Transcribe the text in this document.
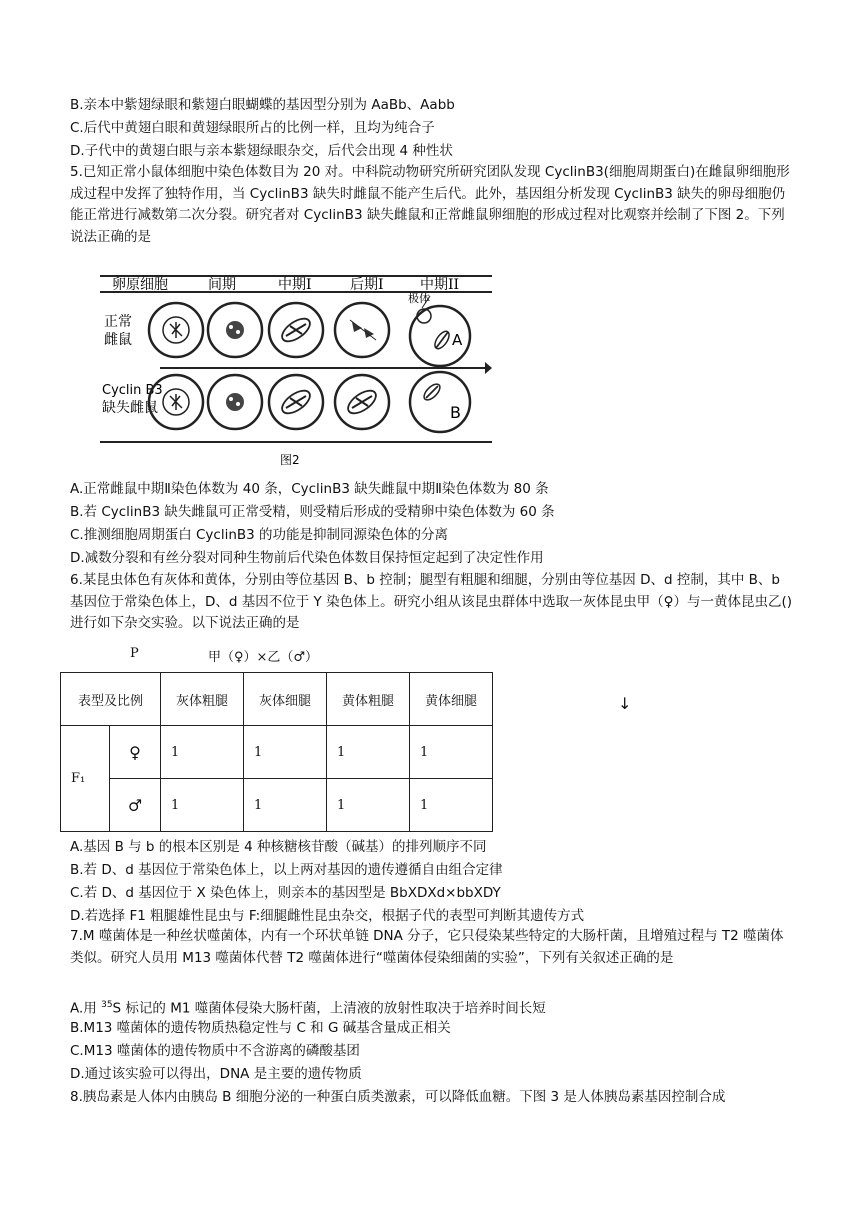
B.亲本中紫翅绿眼和紫翅白眼蝴蝶的基因型分别为 AaBb、Aabb
C.后代中黄翅白眼和黄翅绿眼所占的比例一样，且均为纯合子
D.子代中的黄翅白眼与亲本紫翅绿眼杂交，后代会出现 4 种性状

5.已知正常小鼠体细胞中染色体数目为 20 对。中科院动物研究所研究团队发现 CyclinB3(细胞周期蛋白)在雌鼠卵细胞形成过程中发挥了独特作用，当 CyclinB3 缺失时雌鼠不能产生后代。此外，基因组分析发现 CyclinB3 缺失的卵母细胞仍能正常进行减数第二次分裂。研究者对 CyclinB3 缺失雌鼠和正常雌鼠卵细胞的形成过程对比观察并绘制了下图 2。下列说法正确的是

卵原细胞	间期	中期I	后期I	中期II
正常
雌鼠
Cyclin B3
缺失雌鼠
极体
A
B
图2
A.正常雌鼠中期Ⅱ染色体数为 40 条，CyclinB3 缺失雌鼠中期Ⅱ染色体数为 80 条
B.若 CyclinB3 缺失雌鼠可正常受精，则受精后形成的受精卵中染色体数为 60 条
C.推测细胞周期蛋白 CyclinB3 的功能是抑制同源染色体的分离
D.减数分裂和有丝分裂对同种生物前后代染色体数目保持恒定起到了决定性作用

6.某昆虫体色有灰体和黄体，分别由等位基因 B、b 控制；腿型有粗腿和细腿，分别由等位基因 D、d 控制，其中 B、b 基因位于常染色体上，D、d 基因不位于 Y 染色体上。研究小组从该昆虫群体中选取一灰体昆虫甲（♀）与一黄体昆虫乙()进行如下杂交实验。以下说法正确的是

P	甲（♀）×乙（♂）
表型及比例		灰体粗腿	灰体细腿	黄体粗腿	黄体细腿
F₁	♀	1	1	1	1
	♂	1	1	1	1
↓
A.基因 B 与 b 的根本区别是 4 种核糖核苷酸（碱基）的排列顺序不同
B.若 D、d 基因位于常染色体上，以上两对基因的遗传遵循自由组合定律
C.若 D、d 基因位于 X 染色体上，则亲本的基因型是 BbXDXd×bbXDY
D.若选择 F1 粗腿雄性昆虫与 F:细腿雌性昆虫杂交，根据子代的表型可判断其遗传方式

7.M 噬菌体是一种丝状噬菌体，内有一个环状单链 DNA 分子，它只侵染某些特定的大肠杆菌，且增殖过程与 T2 噬菌体类似。研究人员用 M13 噬菌体代替 T2 噬菌体进行“噬菌体侵染细菌的实验”，下列有关叙述正确的是

A.用 $^{35}$S 标记的 M1 噬菌体侵染大肠杆菌，上清液的放射性取决于培养时间长短
B.M13 噬菌体的遗传物质热稳定性与 C 和 G 碱基含量成正相关
C.M13 噬菌体的遗传物质中不含游离的磷酸基团
D.通过该实验可以得出，DNA 是主要的遗传物质
8.胰岛素是人体内由胰岛 B 细胞分泌的一种蛋白质类激素，可以降低血糖。下图 3 是人体胰岛素基因控制合成
